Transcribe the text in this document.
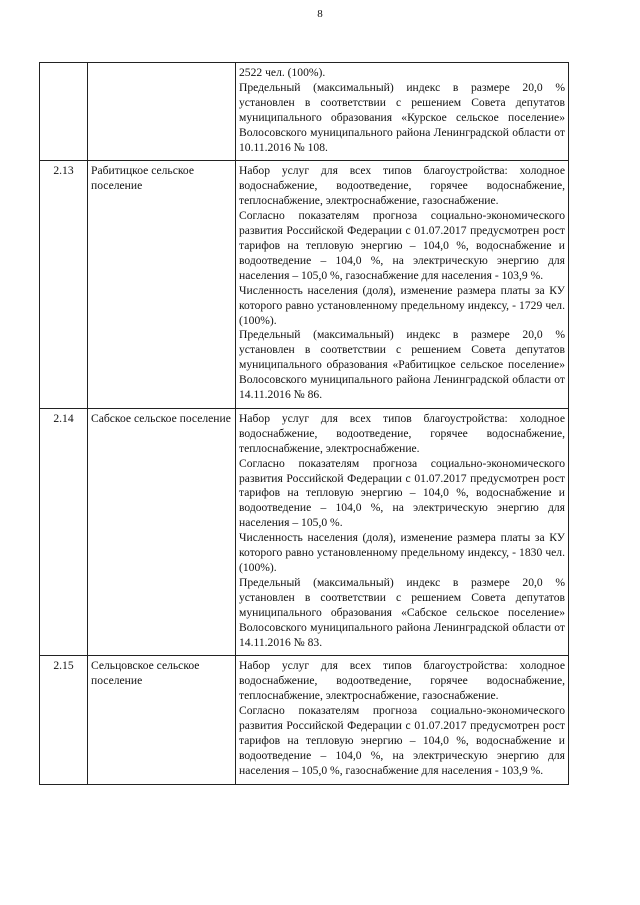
8

		2522 чел. (100%).
Предельный (максимальный) индекс в размере 20,0 % установлен в соответствии с решением Совета депутатов муниципального образования «Курское сельское поселение» Волосовского муниципального района Ленинградской области от 10.11.2016 № 108.

2.13	Рабитицкое сельское поселение	Набор услуг для всех типов благоустройства: холодное водоснабжение, водоотведение, горячее водоснабжение, теплоснабжение, электроснабжение, газоснабжение.
Согласно показателям прогноза социально-экономического развития Российской Федерации с 01.07.2017 предусмотрен рост тарифов на тепловую энергию – 104,0 %, водоснабжение и водоотведение – 104,0 %, на электрическую энергию для населения – 105,0 %, газоснабжение для населения - 103,9 %.
Численность населения (доля), изменение размера платы за КУ которого равно установленному предельному индексу, - 1729 чел. (100%).
Предельный (максимальный) индекс в размере 20,0 % установлен в соответствии с решением Совета депутатов муниципального образования «Рабитицкое сельское поселение» Волосовского муниципального района Ленинградской области от 14.11.2016 № 86.

2.14	Сабское сельское поселение	Набор услуг для всех типов благоустройства: холодное водоснабжение, водоотведение, горячее водоснабжение, теплоснабжение, электроснабжение.
Согласно показателям прогноза социально-экономического развития Российской Федерации с 01.07.2017 предусмотрен рост тарифов на тепловую энергию – 104,0 %, водоснабжение и водоотведение – 104,0 %, на электрическую энергию для населения – 105,0 %.
Численность населения (доля), изменение размера платы за КУ которого равно установленному предельному индексу, - 1830 чел. (100%).
Предельный (максимальный) индекс в размере 20,0 % установлен в соответствии с решением Совета депутатов муниципального образования «Сабское сельское поселение» Волосовского муниципального района Ленинградской области от 14.11.2016 № 83.

2.15	Сельцовское сельское поселение	Набор услуг для всех типов благоустройства: холодное водоснабжение, водоотведение, горячее водоснабжение, теплоснабжение, электроснабжение, газоснабжение.
Согласно показателям прогноза социально-экономического развития Российской Федерации с 01.07.2017 предусмотрен рост тарифов на тепловую энергию – 104,0 %, водоснабжение и водоотведение – 104,0 %, на электрическую энергию для населения – 105,0 %, газоснабжение для населения - 103,9 %.
